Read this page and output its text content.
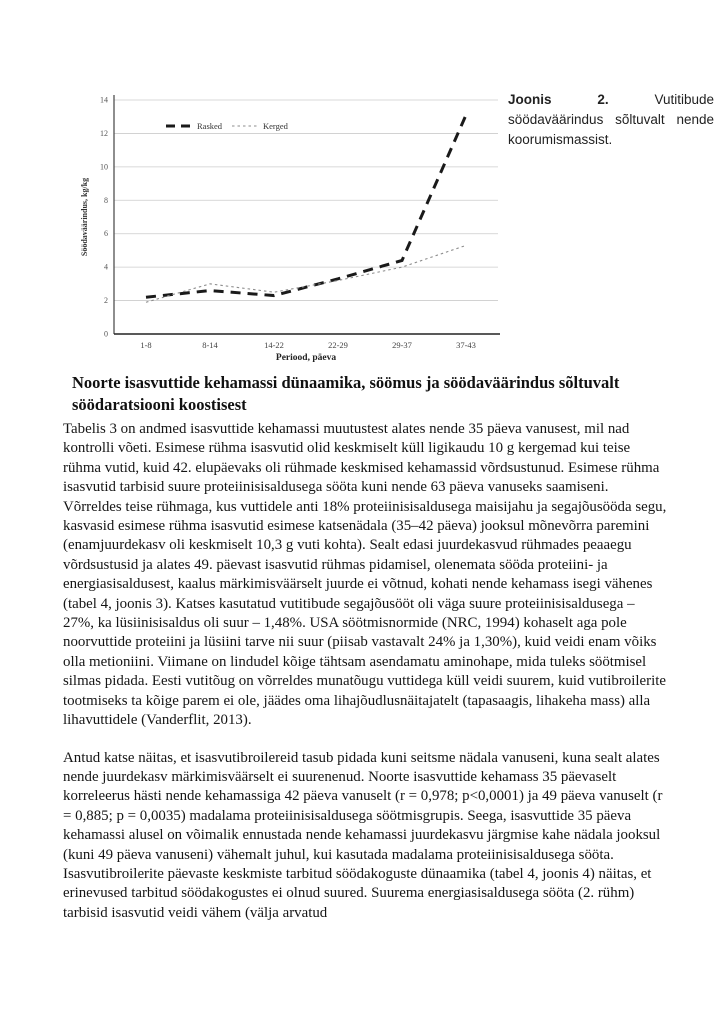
0
2
4
6
8
10
12
14
1-8	8-14	14-22	22-29	29-37	37-43
Periood, päeva
Söödaväärindus, kg/kg
Rasked	Kerged

Joonis 2.	Vutitibude söödaväärindus sõltuvalt nende koorumismassist.

Noorte isasvuttide kehamassi dünaamika, söömus ja söödaväärindus sõltuvalt söödaratsiooni koostisest

Tabelis 3 on andmed isasvuttide kehamassi muutustest alates nende 35 päeva vanusest, mil nad kontrolli võeti. Esimese rühma isasvutid olid keskmiselt küll ligikaudu 10 g kergemad kui teise rühma vutid, kuid 42. elupäevaks oli rühmade keskmised kehamassid võrdsustunud. Esimese rühma isasvutid tarbisid suure proteiinisisaldusega sööta kuni nende 63 päeva vanuseks saamiseni. Võrreldes teise rühmaga, kus vuttidele anti 18% proteiinisisaldusega maisijahu ja segajõusööda segu, kasvasid esimese rühma isasvutid esimese katsenädala (35–42 päeva) jooksul mõnevõrra paremini (enamjuurdekasv oli keskmiselt 10,3 g vuti kohta). Sealt edasi juurdekasvud rühmades peaaegu võrdsustusid ja alates 49. päevast isasvutid rühmas pidamisel, olenemata sööda proteiini- ja energiasisaldusest, kaalus märkimisväärselt juurde ei võtnud, kohati nende kehamass isegi vähenes (tabel 4, joonis 3). Katses kasutatud vutitibude segajõusööt oli väga suure proteiinisisaldusega – 27%, ka lüsiinisisaldus oli suur – 1,48%. USA söötmisnormide (NRC, 1994) kohaselt aga pole noorvuttide proteiini ja lüsiini tarve nii suur (piisab vastavalt 24% ja 1,30%), kuid veidi enam võiks olla metioniini. Viimane on lindudel kõige tähtsam asendamatu aminohape, mida tuleks söötmisel silmas pidada. Eesti vutitõug on võrreldes munatõugu vuttidega küll veidi suurem, kuid vutibroilerite tootmiseks ta kõige parem ei ole, jäädes oma lihajõudlusnäitajatelt (tapasaagis, lihakeha mass) alla lihavuttidele (Vanderflit, 2013).

Antud katse näitas, et isasvutibroilereid tasub pidada kuni seitsme nädala vanuseni, kuna sealt alates nende juurdekasv märkimisväärselt ei suurenenud. Noorte isasvuttide kehamass 35 päevaselt korreleerus hästi nende kehamassiga 42 päeva vanuselt (r = 0,978; p<0,0001) ja 49 päeva vanuselt (r = 0,885; p = 0,0035) madalama proteiinisisaldusega söötmisgrupis. Seega, isasvuttide 35 päeva kehamassi alusel on võimalik ennustada nende kehamassi juurdekasvu järgmise kahe nädala jooksul (kuni 49 päeva vanuseni) vähemalt juhul, kui kasutada madalama proteiinisisaldusega sööta. Isasvutibroilerite päevaste keskmiste tarbitud söödakoguste dünaamika (tabel 4, joonis 4) näitas, et erinevused tarbitud söödakogustes ei olnud suured. Suurema energiasisaldusega sööta (2. rühm) tarbisid isasvutid veidi vähem (välja arvatud
